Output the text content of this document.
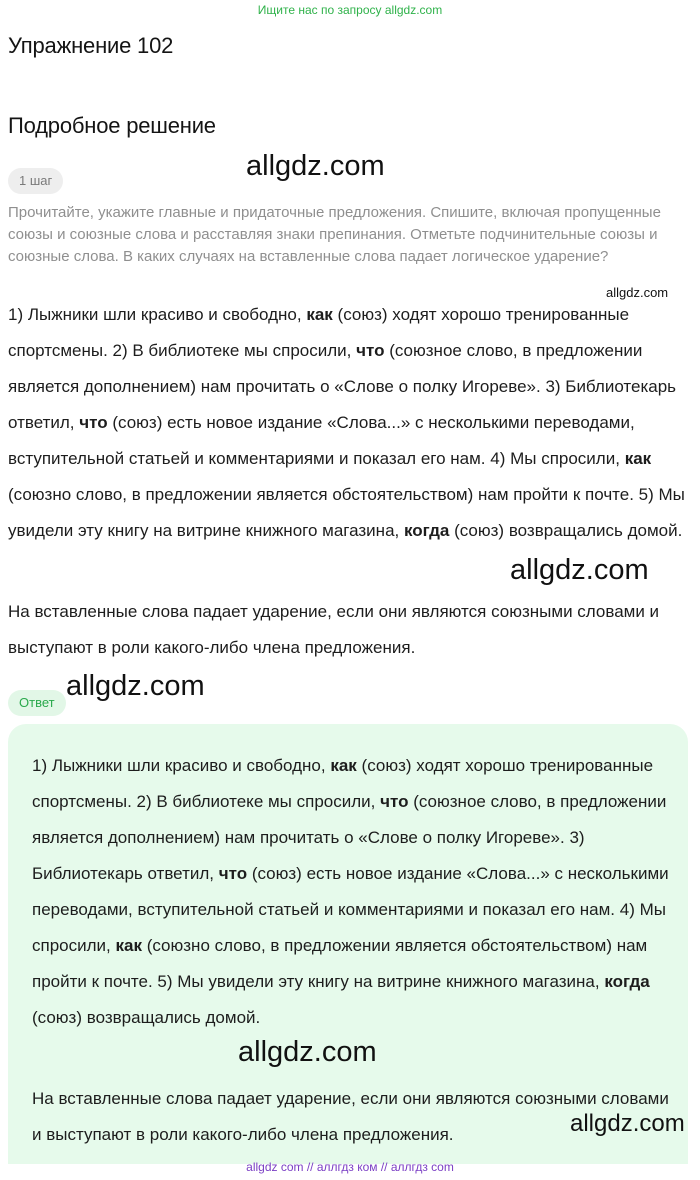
Ищите нас по запросу allgdz.com
Упражнение 102
Подробное решение
1 шаг
Прочитайте, укажите главные и придаточные предложения. Спишите, включая пропущенные союзы и союзные слова и расставляя знаки препинания. Отметьте подчинительные союзы и союзные слова. В каких случаях на вставленные слова падает логическое ударение?
1) Лыжники шли красиво и свободно, как (союз) ходят хорошо тренированные спортсмены. 2) В библиотеке мы спросили, что (союзное слово, в предложении является дополнением) нам прочитать о «Слове о полку Игореве». 3) Библиотекарь ответил, что (союз) есть новое издание «Слова...» с несколькими переводами, вступительной статьей и комментариями и показал его нам. 4) Мы спросили, как (союзно слово, в предложении является обстоятельством) нам пройти к почте. 5) Мы увидели эту книгу на витрине книжного магазина, когда (союз) возвращались домой.

На вставленные слова падает ударение, если они являются союзными словами и выступают в роли какого-либо члена предложения.

Ответ
1) Лыжники шли красиво и свободно, как (союз) ходят хорошо тренированные спортсмены. 2) В библиотеке мы спросили, что (союзное слово, в предложении является дополнением) нам прочитать о «Слове о полку Игореве». 3) Библиотекарь ответил, что (союз) есть новое издание «Слова...» с несколькими переводами, вступительной статьей и комментариями и показал его нам. 4) Мы спросили, как (союзно слово, в предложении является обстоятельством) нам пройти к почте. 5) Мы увидели эту книгу на витрине книжного магазина, когда (союз) возвращались домой.

На вставленные слова падает ударение, если они являются союзными словами и выступают в роли какого-либо члена предложения.

allgdz.com
allgdz.com
allgdz.com
allgdz.com
allgdz.com
allgdz.com
allgdz com // аллгдз ком // аллгдз com
